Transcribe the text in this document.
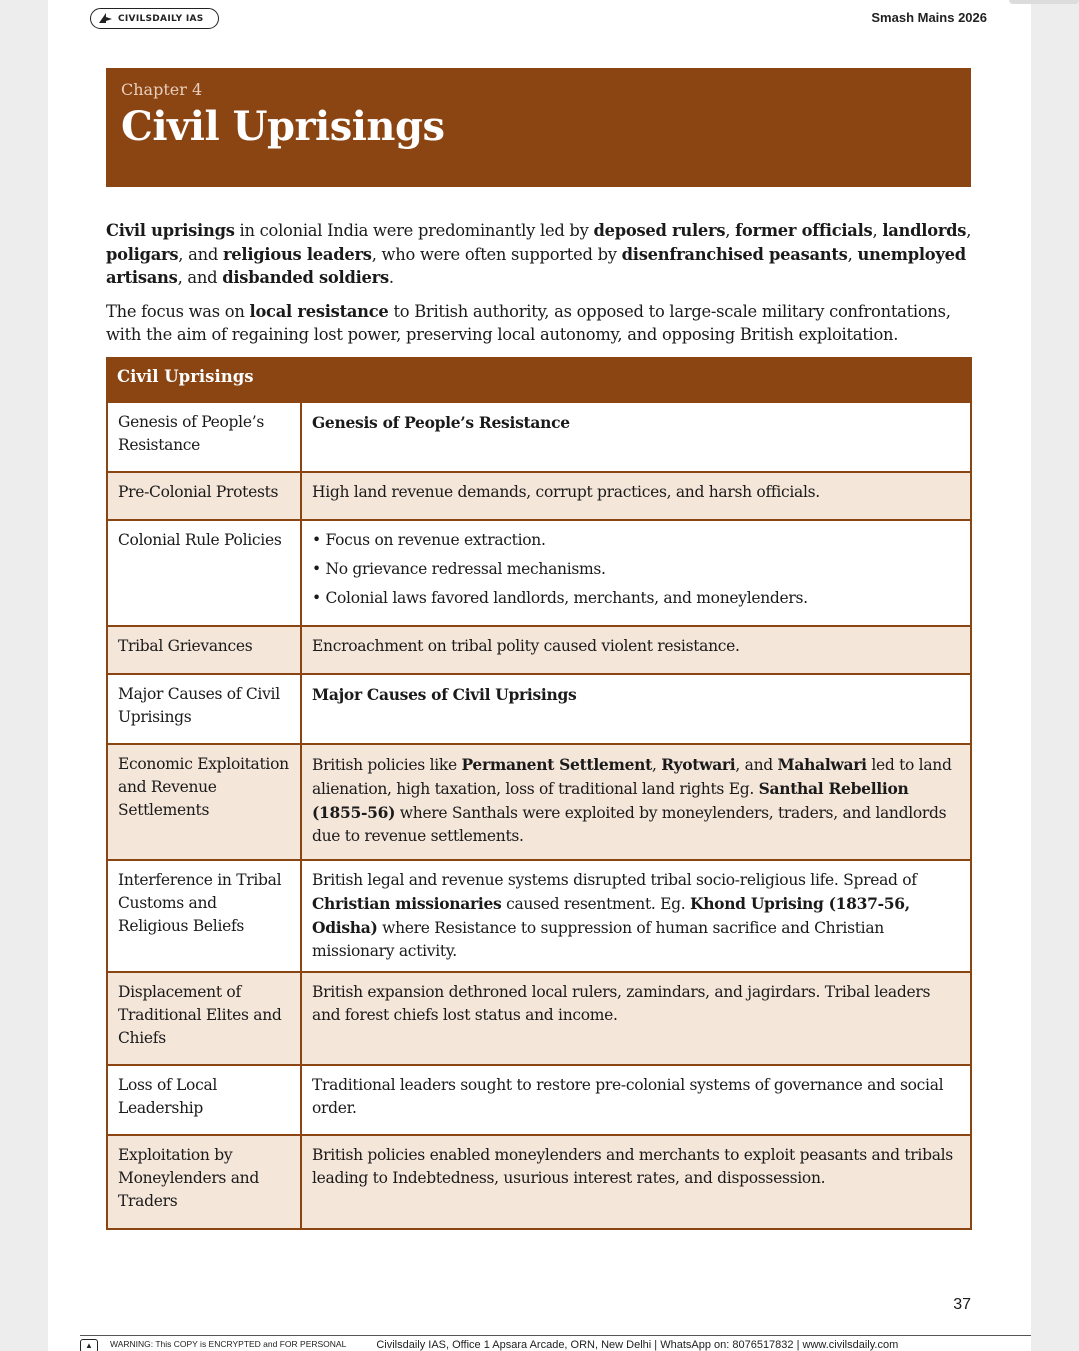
CIVILSDAILY IAS	Smash Mains 2026
Chapter 4
Civil Uprisings

Civil uprisings in colonial India were predominantly led by deposed rulers, former officials, landlords, poligars, and religious leaders, who were often supported by disenfranchised peasants, unemployed artisans, and disbanded soldiers.

The focus was on local resistance to British authority, as opposed to large-scale military confrontations, with the aim of regaining lost power, preserving local autonomy, and opposing British exploitation.

Civil Uprisings
Genesis of People’s Resistance	Genesis of People’s Resistance
Pre-Colonial Protests	High land revenue demands, corrupt practices, and harsh officials.
Colonial Rule Policies	• Focus on revenue extraction.
• No grievance redressal mechanisms.
• Colonial laws favored landlords, merchants, and moneylenders.

Tribal Grievances	Encroachment on tribal polity caused violent resistance.
Major Causes of Civil Uprisings	Major Causes of Civil Uprisings
Economic Exploitation and Revenue Settlements	British policies like Permanent Settlement, Ryotwari, and Mahalwari led to land alienation, high taxation, loss of traditional land rights Eg. Santhal Rebellion (1855-56) where Santhals were exploited by moneylenders, traders, and landlords due to revenue settlements.
Interference in Tribal Customs and Religious Beliefs	British legal and revenue systems disrupted tribal socio-religious life. Spread of Christian missionaries caused resentment. Eg. Khond Uprising (1837-56, Odisha) where Resistance to suppression of human sacrifice and Christian missionary activity.
Displacement of Traditional Elites and Chiefs	British expansion dethroned local rulers, zamindars, and jagirdars. Tribal leaders and forest chiefs lost status and income.
Loss of Local Leadership	Traditional leaders sought to restore pre-colonial systems of governance and social order.
Exploitation by Moneylenders and Traders	British policies enabled moneylenders and merchants to exploit peasants and tribals leading to Indebtedness, usurious interest rates, and dispossession.
37
▲	WARNING: This COPY is ENCRYPTED and FOR PERSONAL	Civilsdaily IAS, Office 1 Apsara Arcade, ORN, New Delhi | WhatsApp on: 8076517832 | www.civilsdaily.com
